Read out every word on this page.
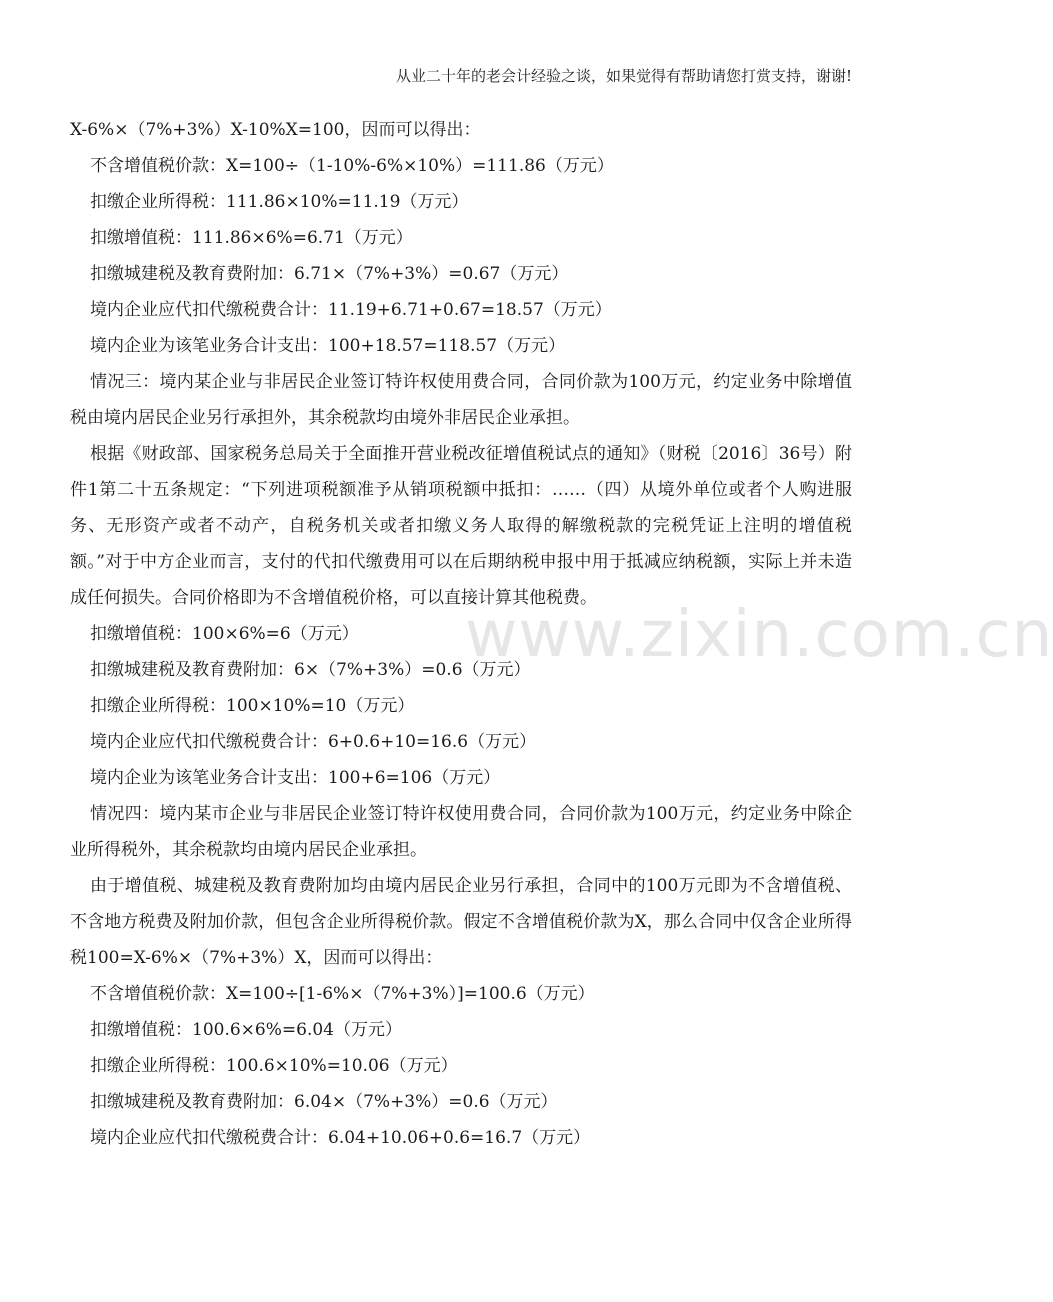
从业二十年的老会计经验之谈，如果觉得有帮助请您打赏支持，谢谢!
www.zixin.com.cn

X-6%×（7%+3%）X-10%X=100，因而可以得出：

不含增值税价款：X=100÷（1-10%-6%×10%）=111.86（万元）

扣缴企业所得税：111.86×10%=11.19（万元）

扣缴增值税：111.86×6%=6.71（万元）

扣缴城建税及教育费附加：6.71×（7%+3%）=0.67（万元）

境内企业应代扣代缴税费合计：11.19+6.71+0.67=18.57（万元）

境内企业为该笔业务合计支出：100+18.57=118.57（万元）

情况三：境内某企业与非居民企业签订特许权使用费合同，合同价款为100万元，约定业务中除增值税由境内居民企业另行承担外，其余税款均由境外非居民企业承担。

根据《财政部、国家税务总局关于全面推开营业税改征增值税试点的通知》（财税〔2016〕36号）附件1第二十五条规定：“下列进项税额准予从销项税额中抵扣：……（四）从境外单位或者个人购进服务、无形资产或者不动产，自税务机关或者扣缴义务人取得的解缴税款的完税凭证上注明的增值税额。”对于中方企业而言，支付的代扣代缴费用可以在后期纳税申报中用于抵减应纳税额，实际上并未造成任何损失。合同价格即为不含增值税价格，可以直接计算其他税费。

扣缴增值税：100×6%=6（万元）

扣缴城建税及教育费附加：6×（7%+3%）=0.6（万元）

扣缴企业所得税：100×10%=10（万元）

境内企业应代扣代缴税费合计：6+0.6+10=16.6（万元）

境内企业为该笔业务合计支出：100+6=106（万元）

情况四：境内某市企业与非居民企业签订特许权使用费合同，合同价款为100万元，约定业务中除企业所得税外，其余税款均由境内居民企业承担。

由于增值税、城建税及教育费附加均由境内居民企业另行承担，合同中的100万元即为不含增值税、不含地方税费及附加价款，但包含企业所得税价款。假定不含增值税价款为X，那么合同中仅含企业所得税100=X-6%×（7%+3%）X，因而可以得出：

不含增值税价款：X=100÷[1-6%×（7%+3%）]=100.6（万元）

扣缴增值税：100.6×6%=6.04（万元）

扣缴企业所得税：100.6×10%=10.06（万元）

扣缴城建税及教育费附加：6.04×（7%+3%）=0.6（万元）

境内企业应代扣代缴税费合计：6.04+10.06+0.6=16.7（万元）
